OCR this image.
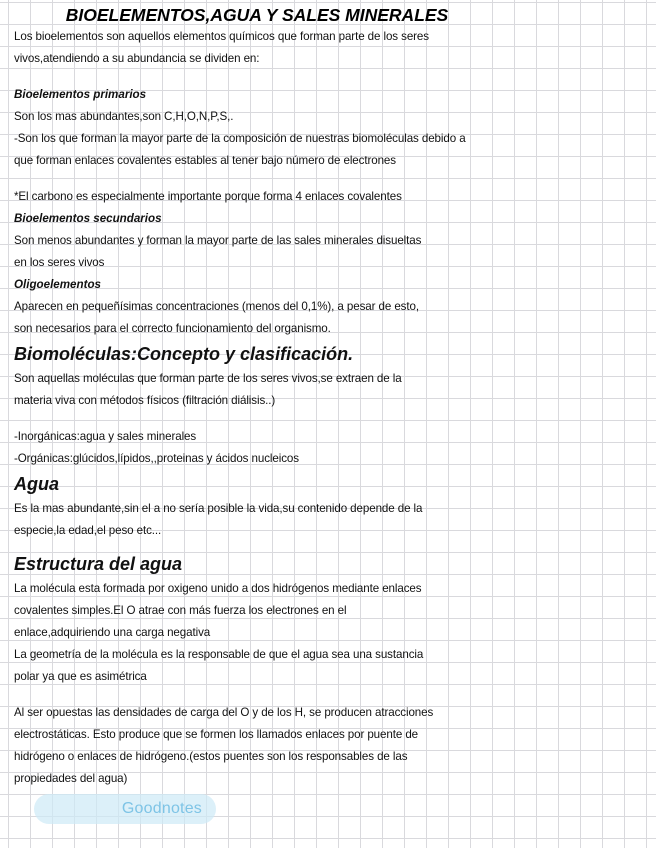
BIOELEMENTOS,AGUA Y SALES MINERALES

Los bioelementos son aquellos elementos químicos que forman parte de los seres

vivos,atendiendo a su abundancia se dividen en:

Bioelementos primarios

Son los mas abundantes,son C,H,O,N,P,S,.

-Son los que forman la mayor parte de la composición de nuestras biomoléculas debido a

que forman enlaces covalentes estables al tener bajo número de electrones

*El carbono es especialmente importante porque forma 4 enlaces covalentes

Bioelementos secundarios

Son menos abundantes y forman la mayor parte de las sales minerales disueltas

en los seres vivos

Oligoelementos

Aparecen en pequeñísimas concentraciones (menos del 0,1%), a pesar de esto,

son necesarios para el correcto funcionamiento del organismo.

Biomoléculas:Concepto y clasificación.

Son aquellas moléculas que forman parte de los seres vivos,se extraen de la

materia viva con métodos físicos (filtración diálisis..)

-Inorgánicas:agua y sales minerales

-Orgánicas:glúcidos,lípidos,,proteinas y ácidos nucleicos

Agua

Es la mas abundante,sin el a no sería posible la vida,su contenido depende de la

especie,la edad,el peso etc...

Estructura del agua

La molécula esta formada por oxigeno unido a dos hidrógenos mediante enlaces

covalentes simples.El O atrae con más fuerza los electrones en el

enlace,adquiriendo una carga negativa

La geometría de la molécula es la responsable de que el agua sea una sustancia

polar ya que es asimétrica

Al ser opuestas las densidades de carga del O y de los H, se producen atracciones

electrostáticas. Esto produce que se formen los llamados enlaces por puente de

hidrógeno o enlaces de hidrógeno.(estos puentes son los responsables de las

propiedades del agua)

Goodnotes
